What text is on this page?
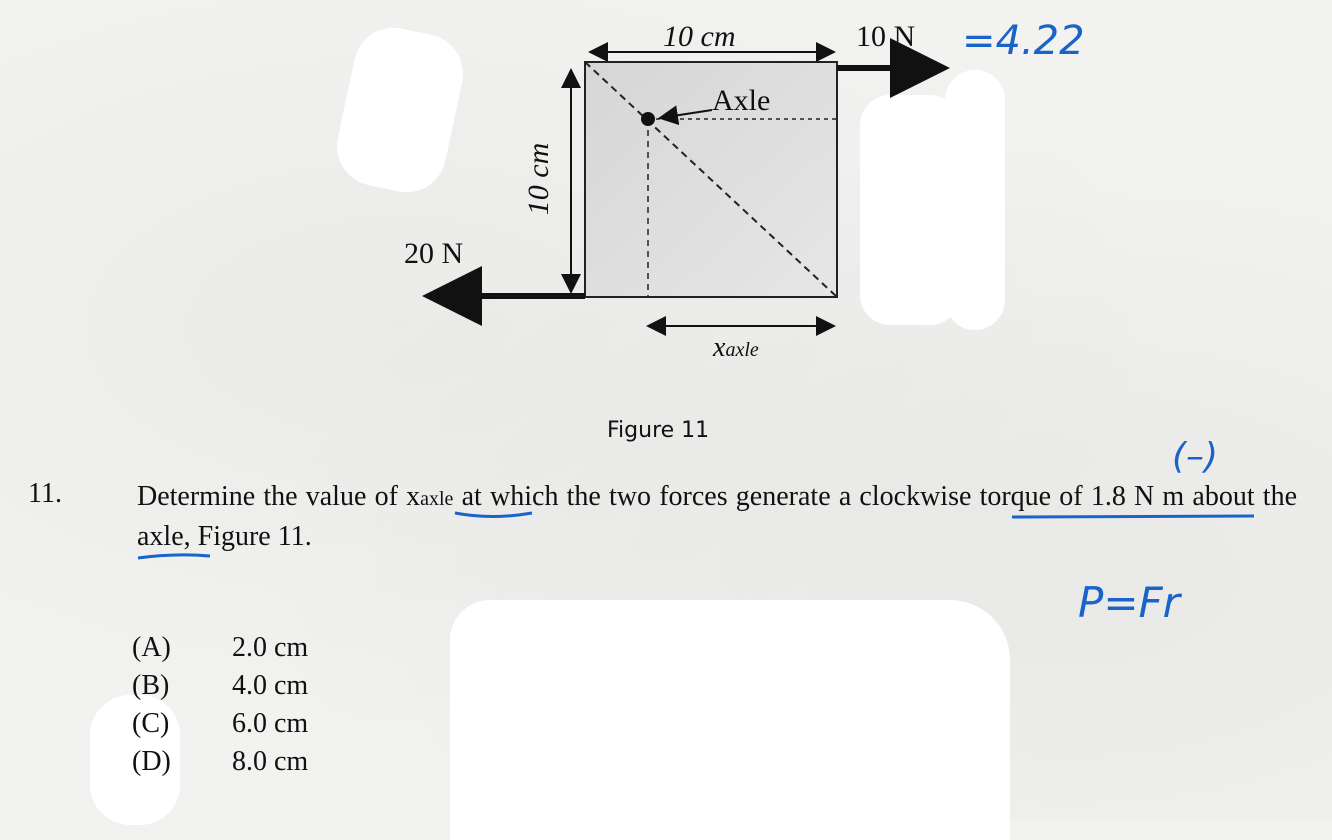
10 cm	10 N
Axle
10 cm
20 N
xaxle
Figure 11
11.	Determine the value of xaxle at which the two forces generate a clockwise torque of 1.8 N m about the axle, Figure 11.
(A) 2.0 cm
(B) 4.0 cm
(C) 6.0 cm
(D) 8.0 cm
=4.22
(–)
P=Fr
